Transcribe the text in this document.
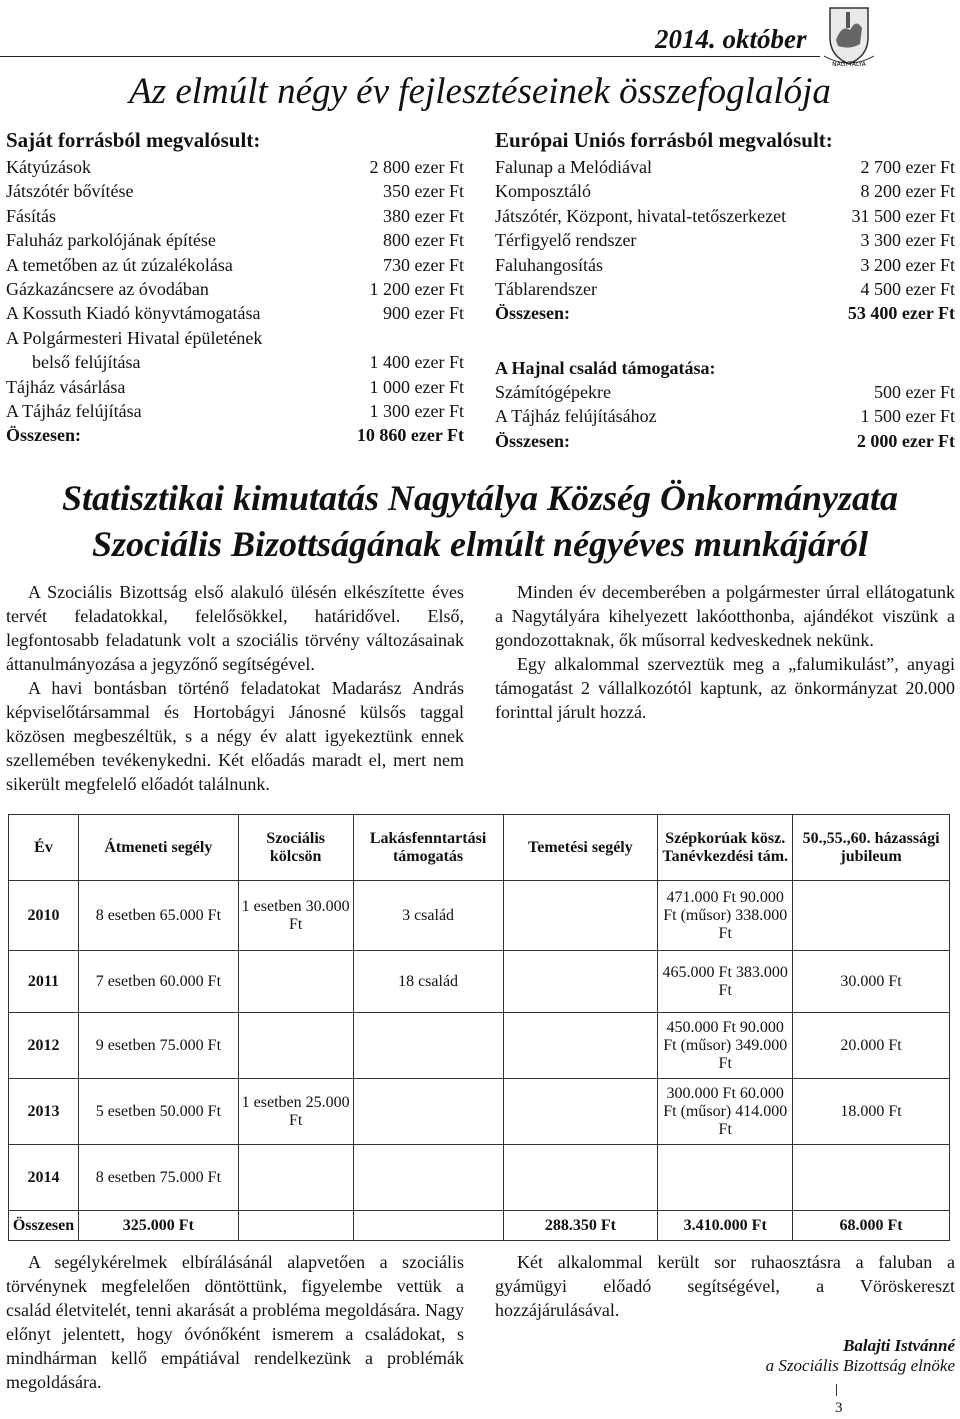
2014. október
NAGYTÁLYA
Az elmúlt négy év fejlesztéseinek összefoglalója
Saját forrásból megvalósult:
Kátyúzások	2 800 ezer Ft
Játszótér bővítése	350 ezer Ft
Fásítás	380 ezer Ft
Faluház parkolójának építése	800 ezer Ft
A temetőben az út zúzalékolása	730 ezer Ft
Gázkazáncsere az óvodában	1 200 ezer Ft
A Kossuth Kiadó könyvtámogatása	900 ezer Ft
A Polgármesteri Hivatal épületének
belső felújítása	1 400 ezer Ft
Tájház vásárlása	1 000 ezer Ft
A Tájház felújítása	1 300 ezer Ft
Összesen:	10 860 ezer Ft
Európai Uniós forrásból megvalósult:
Falunap a Melódiával	2 700 ezer Ft
Komposztáló	8 200 ezer Ft
Játszótér, Központ, hivatal-tetőszerkezet	31 500 ezer Ft
Térfigyelő rendszer	3 300 ezer Ft
Faluhangosítás	3 200 ezer Ft
Táblarendszer	4 500 ezer Ft
Összesen:	53 400 ezer Ft
A Hajnal család támogatása:
Számítógépekre	500 ezer Ft
A Tájház felújításához	1 500 ezer Ft
Összesen:	2 000 ezer Ft
Statisztikai kimutatás Nagytálya Község Önkormányzata
Szociális Bizottságának elmúlt négyéves munkájáról

A Szociális Bizottság első alakuló ülésén elkészítette éves tervét feladatokkal, felelősökkel, határidővel. Első, legfontosabb feladatunk volt a szociális törvény változásainak áttanulmányozása a jegyzőnő segítségével.

A havi bontásban történő feladatokat Madarász András képviselőtársammal és Hortobágyi Jánosné külsős taggal közösen megbeszéltük, s a négy év alatt igyekeztünk ennek szellemében tevékenykedni. Két előadás maradt el, mert nem sikerült megfelelő előadót találnunk.

Minden év decemberében a polgármester úrral ellátogatunk a Nagytályára kihelyezett lakóotthonba, ajándékot viszünk a gondozottaknak, ők műsorral kedveskednek nekünk.

Egy alkalommal szerveztük meg a „falumikulást”, anyagi támogatást 2 vállalkozótól kaptunk, az önkormányzat 20.000 forinttal járult hozzá.

Év	Átmeneti segély	Szociális kölcsön	Lakásfenntartási támogatás	Temetési segély	Szépkorúak kösz. Tanévkezdési tám.	50.,55.,60. házassági jubileum
2010	8 esetben 65.000 Ft	1 esetben 30.000 Ft	3 család		471.000 Ft 90.000 Ft (műsor) 338.000 Ft	
2011	7 esetben 60.000 Ft		18 család		465.000 Ft 383.000 Ft	30.000 Ft
2012	9 esetben 75.000 Ft				450.000 Ft 90.000 Ft (műsor) 349.000 Ft	20.000 Ft
2013	5 esetben 50.000 Ft	1 esetben 25.000 Ft			300.000 Ft 60.000 Ft (műsor) 414.000 Ft	18.000 Ft
2014	8 esetben 75.000 Ft					
Összesen	325.000 Ft			288.350 Ft	3.410.000 Ft	68.000 Ft

A segélykérelmek elbírálásánál alapvetően a szociális törvénynek megfelelően döntöttünk, figyelembe vettük a család életvitelét, tenni akarását a probléma megoldására. Nagy előnyt jelentett, hogy óvónőként ismerem a családokat, s mindhárman kellő empátiával rendelkezünk a problémák megoldására.

Két alkalommal került sor ruhaosztásra a faluban a gyámügyi előadó segítségével, a Vöröskereszt hozzájárulásával.

Balajti Istvánné
a Szociális Bizottság elnöke
3
